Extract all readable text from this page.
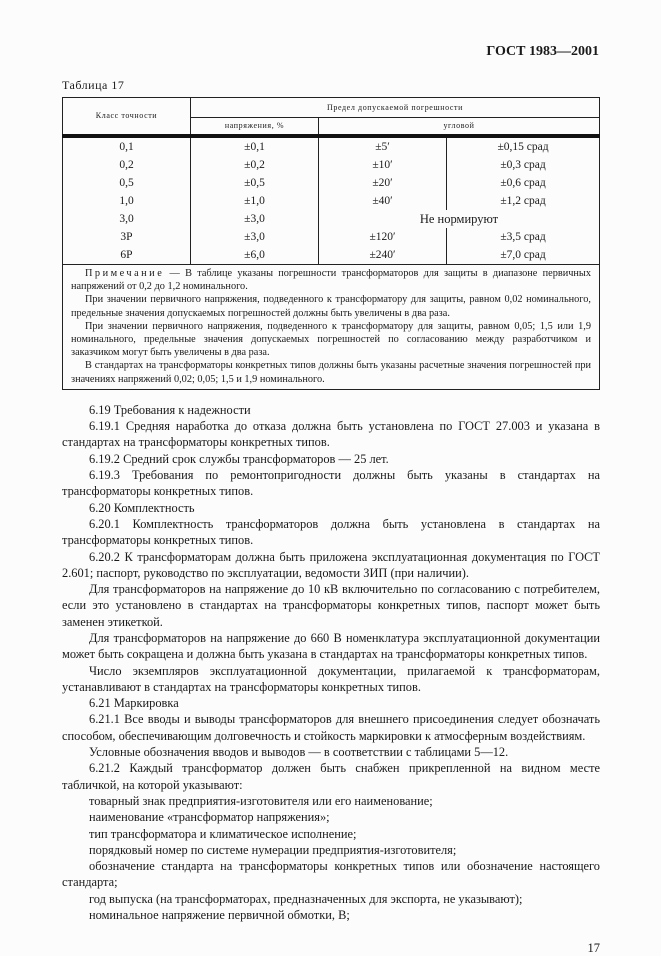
ГОСТ 1983—2001
Таблица 17
Класс точности	Предел допускаемой погрешности		
	напряжения, %	угловой	
0,1	±0,1	±5′	±0,15 срад
0,2	±0,2	±10′	±0,3 срад
0,5	±0,5	±20′	±0,6 срад
1,0	±1,0	±40′	±1,2 срад
3,0	±3,0	Не нормируют	
3Р	±3,0	±120′	±3,5 срад
6Р	±6,0	±240′	±7,0 срад

Примечание — В таблице указаны погрешности трансформаторов для защиты в диапазоне первичных напряжений от 0,2 до 1,2 номинального.

При значении первичного напряжения, подведенного к трансформатору для защиты, равном 0,02 номинального, предельные значения допускаемых погрешностей должны быть увеличены в два раза.

При значении первичного напряжения, подведенного к трансформатору для защиты, равном 0,05; 1,5 или 1,9 номинального, предельные значения допускаемых погрешностей по согласованию между разработчиком и заказчиком могут быть увеличены в два раза.

В стандартах на трансформаторы конкретных типов должны быть указаны расчетные значения погрешностей при значениях напряжений 0,02; 0,05; 1,5 и 1,9 номинального.

6.19 Требования к надежности

6.19.1 Средняя наработка до отказа должна быть установлена по ГОСТ 27.003 и указана в стандартах на трансформаторы конкретных типов.

6.19.2 Средний срок службы трансформаторов — 25 лет.

6.19.3 Требования по ремонтопригодности должны быть указаны в стандартах на трансформаторы конкретных типов.

6.20 Комплектность

6.20.1 Комплектность трансформаторов должна быть установлена в стандартах на трансформаторы конкретных типов.

6.20.2 К трансформаторам должна быть приложена эксплуатационная документация по ГОСТ 2.601; паспорт, руководство по эксплуатации, ведомости ЗИП (при наличии).

Для трансформаторов на напряжение до 10 кВ включительно по согласованию с потребителем, если это установлено в стандартах на трансформаторы конкретных типов, паспорт может быть заменен этикеткой.

Для трансформаторов на напряжение до 660 В номенклатура эксплуатационной документации может быть сокращена и должна быть указана в стандартах на трансформаторы конкретных типов.

Число экземпляров эксплуатационной документации, прилагаемой к трансформаторам, устанавливают в стандартах на трансформаторы конкретных типов.

6.21 Маркировка

6.21.1 Все вводы и выводы трансформаторов для внешнего присоединения следует обозначать способом, обеспечивающим долговечность и стойкость маркировки к атмосферным воздействиям.

Условные обозначения вводов и выводов — в соответствии с таблицами 5—12.

6.21.2 Каждый трансформатор должен быть снабжен прикрепленной на видном месте табличкой, на которой указывают:

товарный знак предприятия-изготовителя или его наименование;

наименование «трансформатор напряжения»;

тип трансформатора и климатическое исполнение;

порядковый номер по системе нумерации предприятия-изготовителя;

обозначение стандарта на трансформаторы конкретных типов или обозначение настоящего стандарта;

год выпуска (на трансформаторах, предназначенных для экспорта, не указывают);

номинальное напряжение первичной обмотки, В;

17
